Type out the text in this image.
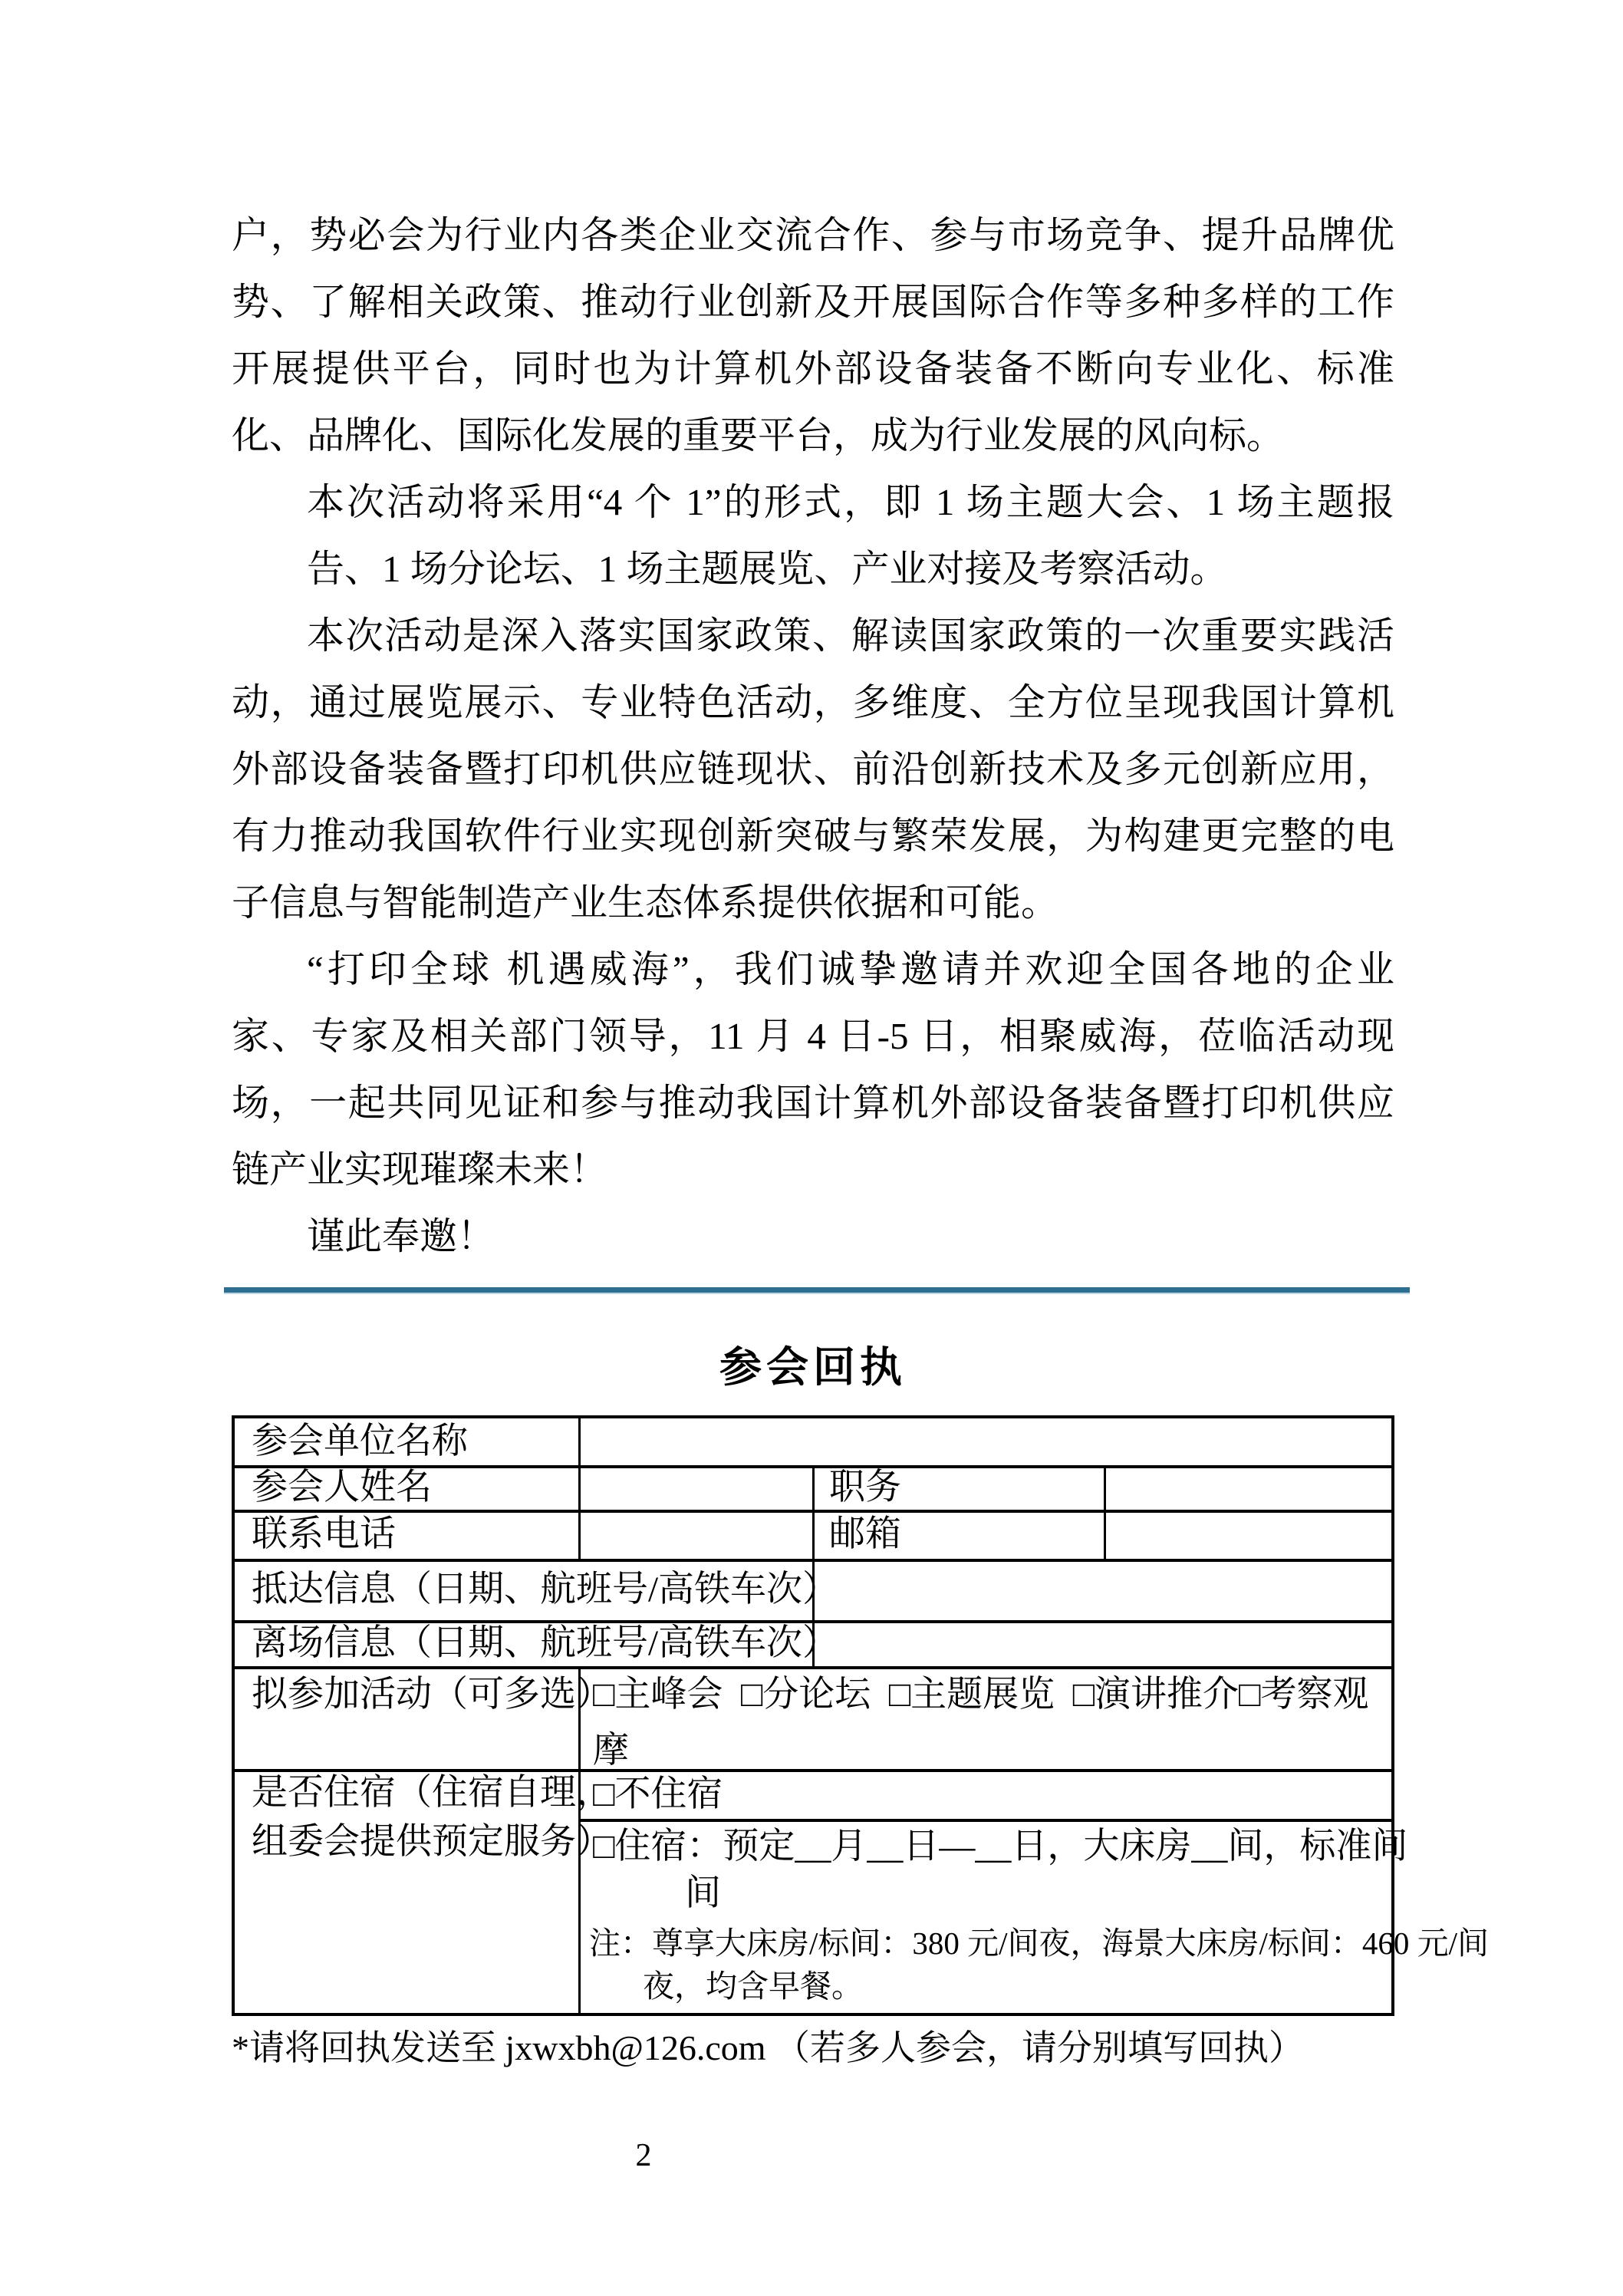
户，势必会为行业内各类企业交流合作、参与市场竞争、提升品牌优
势、了解相关政策、推动行业创新及开展国际合作等多种多样的工作
开展提供平台，同时也为计算机外部设备装备不断向专业化、标准
化、品牌化、国际化发展的重要平台，成为行业发展的风向标。
本次活动将采用“4 个 1”的形式，即 1 场主题大会、1 场主题报
告、1 场分论坛、1 场主题展览、产业对接及考察活动。
本次活动是深入落实国家政策、解读国家政策的一次重要实践活
动，通过展览展示、专业特色活动，多维度、全方位呈现我国计算机
外部设备装备暨打印机供应链现状、前沿创新技术及多元创新应用，
有力推动我国软件行业实现创新突破与繁荣发展，为构建更完整的电
子信息与智能制造产业生态体系提供依据和可能。
“打印全球 机遇威海”，我们诚挚邀请并欢迎全国各地的企业
家、专家及相关部门领导，11 月 4 日-5 日，相聚威海，莅临活动现
场，一起共同见证和参与推动我国计算机外部设备装备暨打印机供应
链产业实现璀璨未来！
谨此奉邀！
参会回执
参会单位名称
参会人姓名	职务
联系电话	邮箱
抵达信息（日期、航班号/高铁车次）
离场信息（日期、航班号/高铁车次）
拟参加活动（可多选）
□主峰会  □分论坛  □主题展览  □演讲推介□考察观
摩
是否住宿（住宿自理，
组委会提供预定服务）
□不住宿
□住宿：预定__月__日—__日，大床房__间，标准间
间
注：尊享大床房/标间：380 元/间夜，海景大床房/标间：460 元/间
夜，均含早餐。
*请将回执发送至 jxwxbh@126.com （若多人参会，请分别填写回执）
2
